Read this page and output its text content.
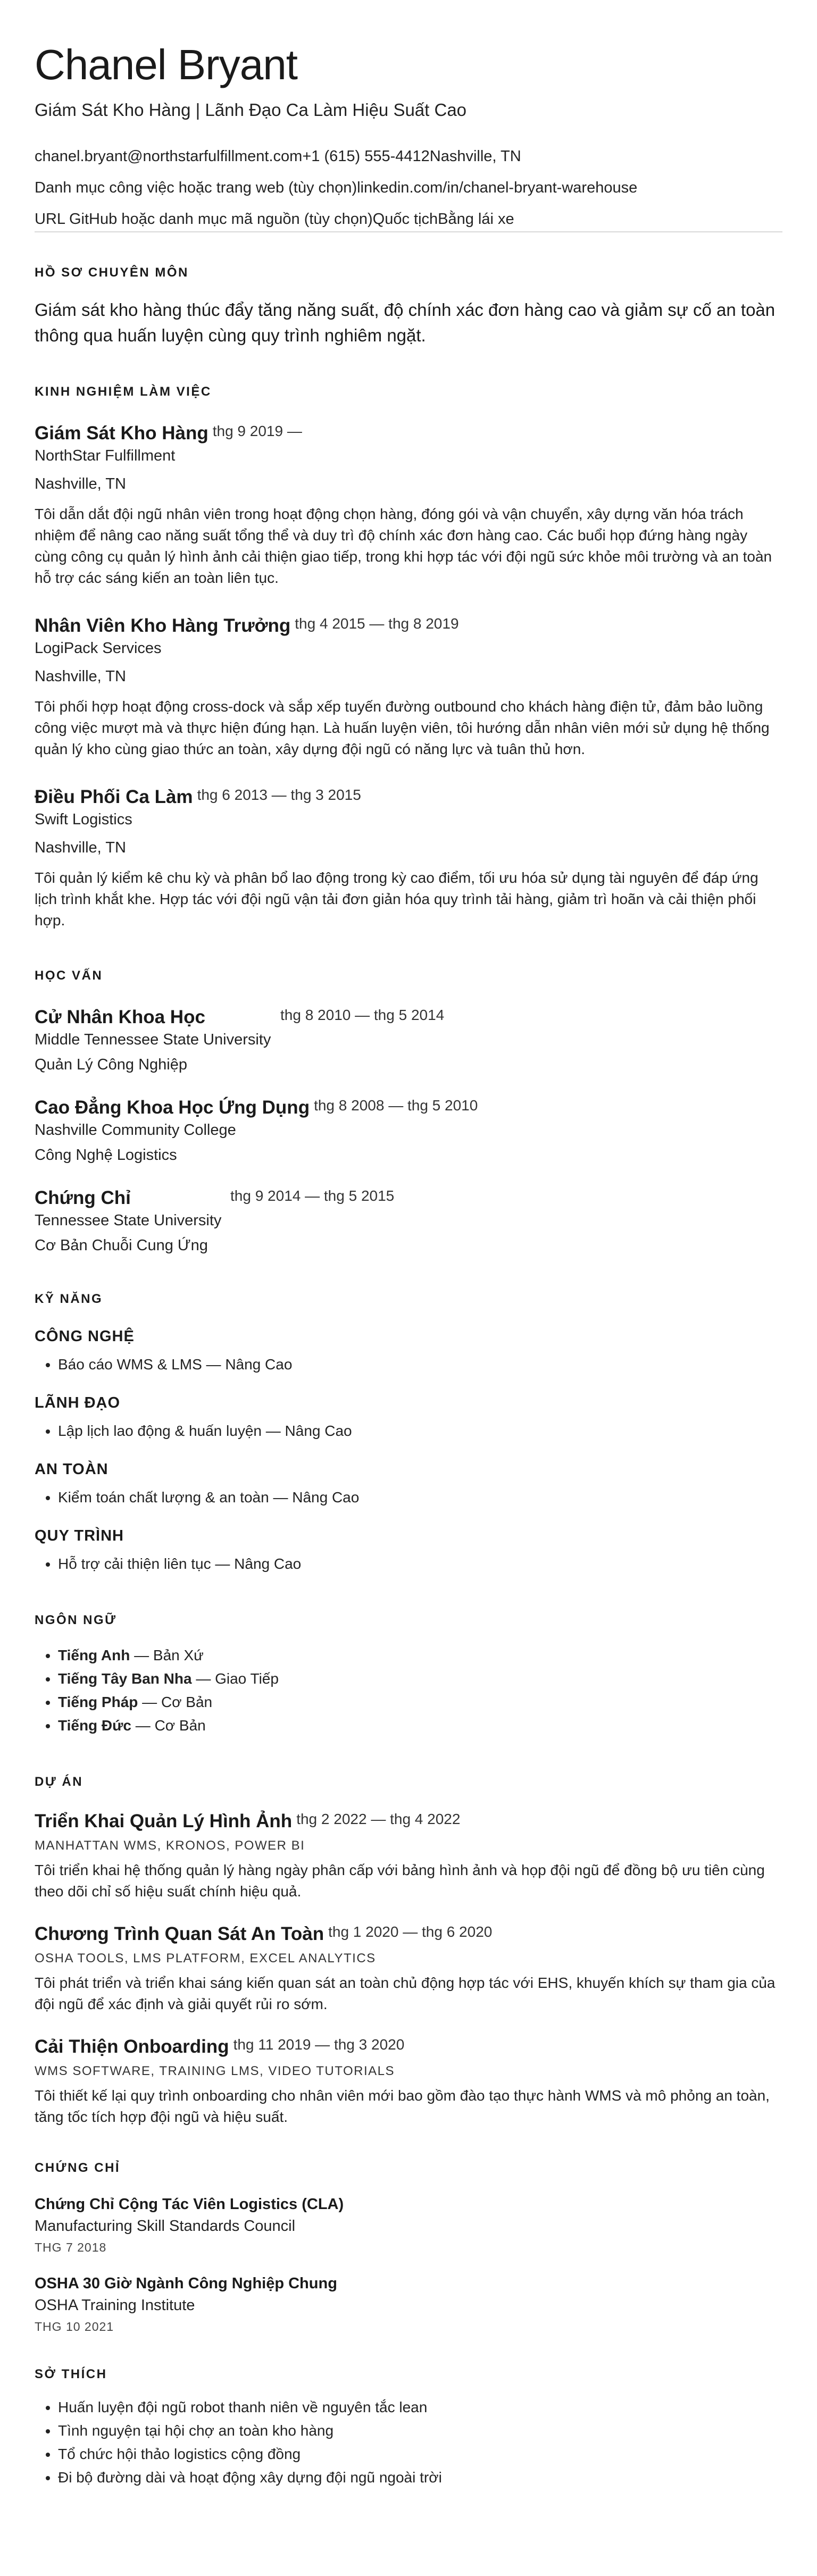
Chanel Bryant

Giám Sát Kho Hàng | Lãnh Đạo Ca Làm Hiệu Suất Cao

chanel.bryant@northstarfulfillment.com+1 (615) 555-4412Nashville, TN

Danh mục công việc hoặc trang web (tùy chọn)linkedin.com/in/chanel-bryant-warehouse

URL GitHub hoặc danh mục mã nguồn (tùy chọn)Quốc tịchBằng lái xe

HỒ SƠ CHUYÊN MÔN

Giám sát kho hàng thúc đẩy tăng năng suất, độ chính xác đơn hàng cao và giảm sự cố an toàn thông qua huấn luyện cùng quy trình nghiêm ngặt.

KINH NGHIỆM LÀM VIỆC
Giám Sát Kho Hàng thg 9 2019 —

NorthStar Fulfillment

Nashville, TN

Tôi dẫn dắt đội ngũ nhân viên trong hoạt động chọn hàng, đóng gói và vận chuyển, xây dựng văn hóa trách nhiệm để nâng cao năng suất tổng thể và duy trì độ chính xác đơn hàng cao. Các buổi họp đứng hàng ngày cùng công cụ quản lý hình ảnh cải thiện giao tiếp, trong khi hợp tác với đội ngũ sức khỏe môi trường và an toàn hỗ trợ các sáng kiến an toàn liên tục.

Nhân Viên Kho Hàng Trưởng thg 4 2015 — thg 8 2019

LogiPack Services

Nashville, TN

Tôi phối hợp hoạt động cross-dock và sắp xếp tuyến đường outbound cho khách hàng điện tử, đảm bảo luồng công việc mượt mà và thực hiện đúng hạn. Là huấn luyện viên, tôi hướng dẫn nhân viên mới sử dụng hệ thống quản lý kho cùng giao thức an toàn, xây dựng đội ngũ có năng lực và tuân thủ hơn.

Điều Phối Ca Làm thg 6 2013 — thg 3 2015

Swift Logistics

Nashville, TN

Tôi quản lý kiểm kê chu kỳ và phân bổ lao động trong kỳ cao điểm, tối ưu hóa sử dụng tài nguyên để đáp ứng lịch trình khắt khe. Hợp tác với đội ngũ vận tải đơn giản hóa quy trình tải hàng, giảm trì hoãn và cải thiện phối hợp.

HỌC VẤN
Cử Nhân Khoa Học	thg 8 2010 — thg 5 2014

Middle Tennessee State University

Quản Lý Công Nghiệp

Cao Đẳng Khoa Học Ứng Dụng thg 8 2008 — thg 5 2010

Nashville Community College

Công Nghệ Logistics

Chứng Chỉ	thg 9 2014 — thg 5 2015

Tennessee State University

Cơ Bản Chuỗi Cung Ứng

KỸ NĂNG

CÔNG NGHỆ

• Báo cáo WMS & LMS — Nâng Cao

LÃNH ĐẠO

• Lập lịch lao động & huấn luyện — Nâng Cao

AN TOÀN

• Kiểm toán chất lượng & an toàn — Nâng Cao

QUY TRÌNH

• Hỗ trợ cải thiện liên tục — Nâng Cao
NGÔN NGỮ
• Tiếng Anh — Bản Xứ
• Tiếng Tây Ban Nha — Giao Tiếp
• Tiếng Pháp — Cơ Bản
• Tiếng Đức — Cơ Bản
DỰ ÁN
Triển Khai Quản Lý Hình Ảnh thg 2 2022 — thg 4 2022

MANHATTAN WMS, KRONOS, POWER BI

Tôi triển khai hệ thống quản lý hàng ngày phân cấp với bảng hình ảnh và họp đội ngũ để đồng bộ ưu tiên cùng theo dõi chỉ số hiệu suất chính hiệu quả.

Chương Trình Quan Sát An Toàn thg 1 2020 — thg 6 2020

OSHA TOOLS, LMS PLATFORM, EXCEL ANALYTICS

Tôi phát triển và triển khai sáng kiến quan sát an toàn chủ động hợp tác với EHS, khuyến khích sự tham gia của đội ngũ để xác định và giải quyết rủi ro sớm.

Cải Thiện Onboarding thg 11 2019 — thg 3 2020

WMS SOFTWARE, TRAINING LMS, VIDEO TUTORIALS

Tôi thiết kế lại quy trình onboarding cho nhân viên mới bao gồm đào tạo thực hành WMS và mô phỏng an toàn, tăng tốc tích hợp đội ngũ và hiệu suất.

CHỨNG CHỈ

Chứng Chỉ Cộng Tác Viên Logistics (CLA)

Manufacturing Skill Standards Council

THG 7 2018

OSHA 30 Giờ Ngành Công Nghiệp Chung

OSHA Training Institute

THG 10 2021

SỞ THÍCH
• Huấn luyện đội ngũ robot thanh niên về nguyên tắc lean
• Tình nguyện tại hội chợ an toàn kho hàng
• Tổ chức hội thảo logistics cộng đồng
• Đi bộ đường dài và hoạt động xây dựng đội ngũ ngoài trời
